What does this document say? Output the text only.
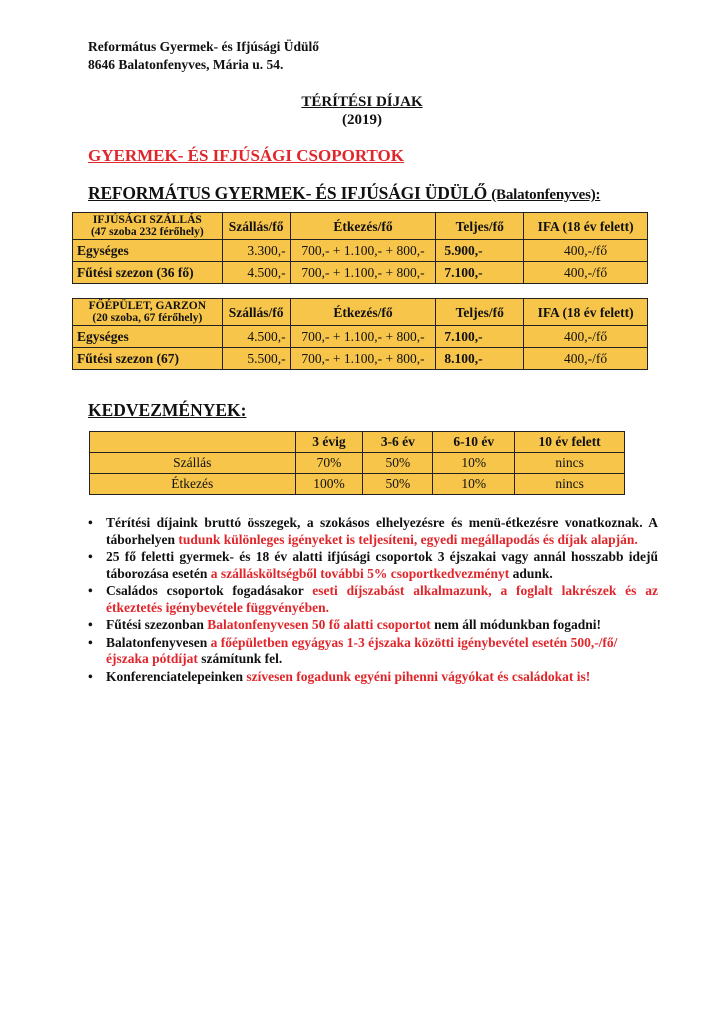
Református Gyermek- és Ifjúsági Üdülő
8646 Balatonfenyves, Mária u. 54.
TÉRÍTÉSI DÍJAK
(2019)
GYERMEK- ÉS IFJÚSÁGI CSOPORTOK
REFORMÁTUS GYERMEK- ÉS IFJÚSÁGI ÜDÜLŐ (Balatonfenyves):
IFJÚSÁGI SZÁLLÁS
(47 szoba 232 férőhely)	Szállás/fő	Étkezés/fő	Teljes/fő	IFA (18 év felett)
Egységes	3.300,-	700,- + 1.100,- + 800,-	5.900,-	400,-/fő
Fűtési szezon (36 fő)	4.500,-	700,- + 1.100,- + 800,-	7.100,-	400,-/fő
FŐÉPÜLET, GARZON
(20 szoba, 67 férőhely)	Szállás/fő	Étkezés/fő	Teljes/fő	IFA (18 év felett)
Egységes	4.500,-	700,- + 1.100,- + 800,-	7.100,-	400,-/fő
Fűtési szezon (67)	5.500,-	700,- + 1.100,- + 800,-	8.100,-	400,-/fő
KEDVEZMÉNYEK:
	3 évig	3-6 év	6-10 év	10 év felett
Szállás	70%	50%	10%	nincs
Étkezés	100%	50%	10%	nincs
• Térítési díjaink bruttó összegek, a szokásos elhelyezésre és menü-étkezésre vonatkoznak. A táborhelyen tudunk különleges igényeket is teljesíteni, egyedi megállapodás és díjak alapján.
• 25 fő feletti gyermek- és 18 év alatti ifjúsági csoportok 3 éjszakai vagy annál hosszabb idejű táborozása esetén a szállásköltségből további 5% csoportkedvezményt adunk.
• Családos csoportok fogadásakor eseti díjszabást alkalmazunk, a foglalt lakrészek és az étkeztetés igénybevétele függvényében.
• Fűtési szezonban Balatonfenyvesen 50 fő alatti csoportot nem áll módunkban fogadni!
• Balatonfenyvesen a főépületben egyágyas 1-3 éjszaka közötti igénybevétel esetén 500,-/fő/éjszaka pótdíjat számítunk fel.
• Konferenciatelepeinken szívesen fogadunk egyéni pihenni vágyókat és családokat is!
